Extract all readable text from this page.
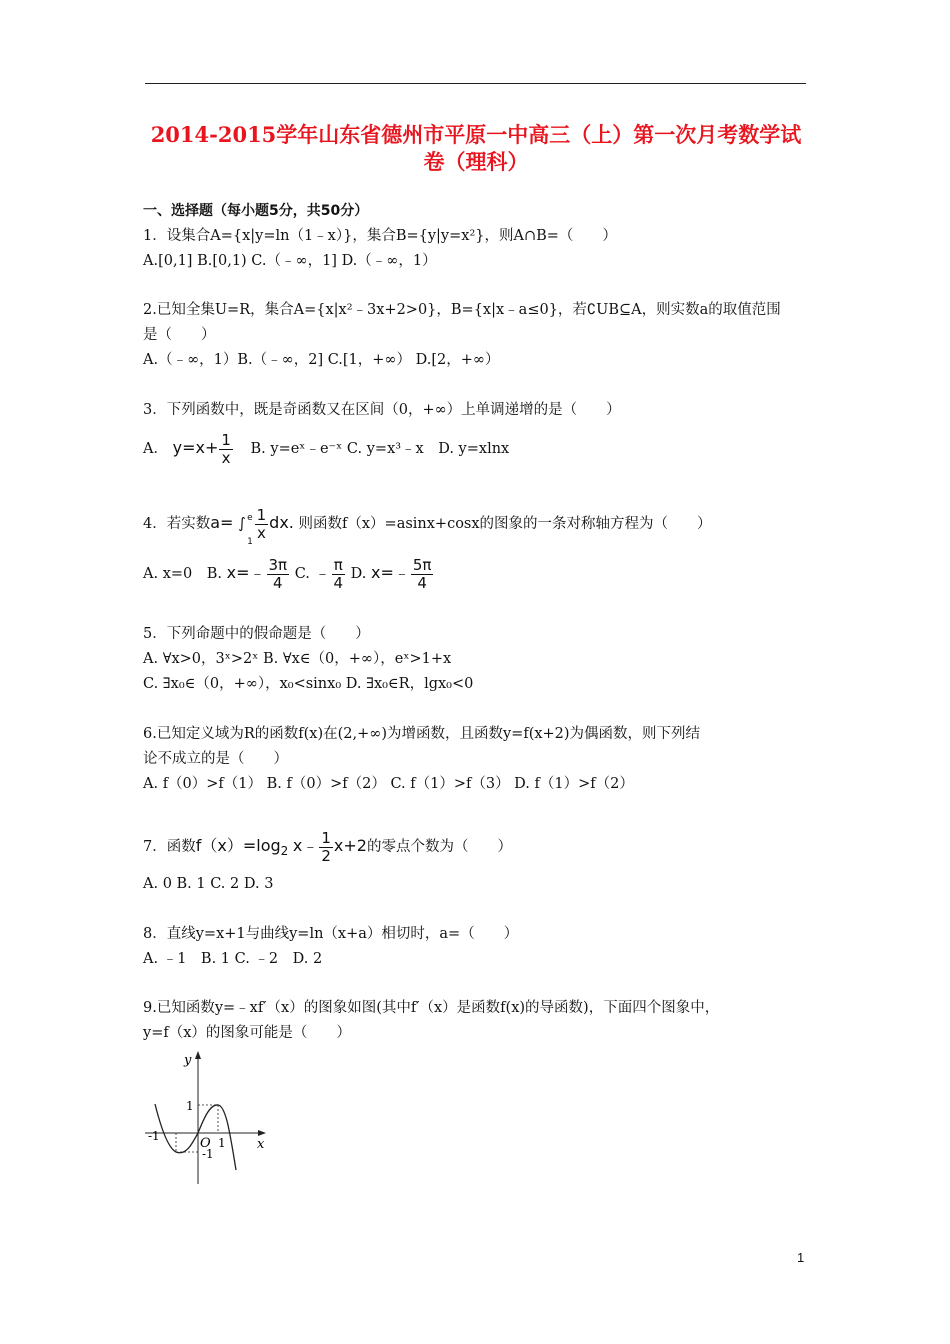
2014-2015学年山东省德州市平原一中高三（上）第一次月考数学试
卷（理科）
一、选择题（每小题5分，共50分）
1．设集合A={x|y=ln（1﹣x）}，集合B={y|y=x²}，则A∩B=（　　）
A.[0,1] B.[0,1) C.（﹣∞，1] D.（﹣∞，1）
2.已知全集U=R，集合A={x|x²﹣3x+2>0}，B={x|x﹣a≤0}，若∁UB⊆A，则实数a的取值范围
是（　　）
A.（﹣∞，1）B.（﹣∞，2] C.[1，+∞） D.[2，+∞）
3．下列函数中，既是奇函数又在区间（0，+∞）上单调递增的是（　　）
A． $y=x+ \frac{1}{x} B$. y=eˣ﹣e⁻ˣ C. y=x³﹣x　D. y=xlnx
4．若实数a= ∫ e
1
$\frac{1}{x}$ dx. 则函数f（x）=asinx+cosx的图象的一条对称轴方程为（　　）
A. x=0　B. x=﹣ $\frac{3\pi}{4} C$. ﹣ $\frac{\pi}{4} D$. x=﹣ $\frac{5\pi}{4}$
5．下列命题中的假命题是（　　）
A. ∀x>0，3ˣ>2ˣ B. ∀x∈（0，+∞），eˣ>1+x
C. ∃x₀∈（0，+∞），x₀<sinx₀ D. ∃x₀∈R，lgx₀<0
6.已知定义域为R的函数f(x)在(2,+∞)为增函数，且函数y=f(x+2)为偶函数，则下列结
论不成立的是（　　）
A. f（0）>f（1） B. f（0）>f（2） C. f（1）>f（3） D. f（1）>f（2）
7．函数$f(x)=\log_2$ x﹣ $\frac{1}{2} x+2$的零点个数为（　　）
A. 0 B. 1 C. 2 D. 3
8．直线y=x+1与曲线y=ln（x+a）相切时，a=（　　）
A. ﹣1　B. 1 C. ﹣2　D. 2
9.已知函数y=﹣xf′（x）的图象如图(其中f′（x）是函数f(x)的导函数)，下面四个图象中，
y=f（x）的图象可能是（　　）
y
x
O
1
-1
1
-1
1
